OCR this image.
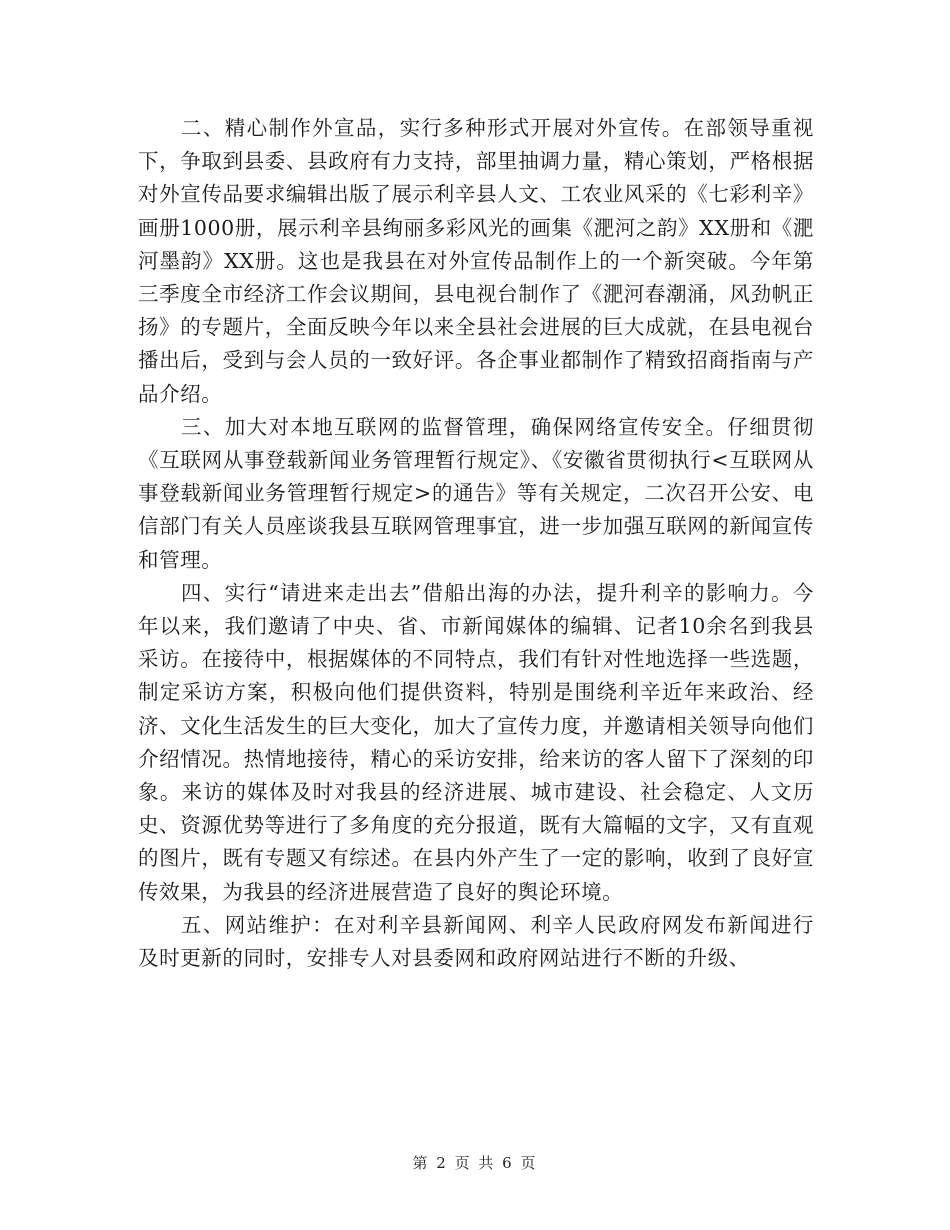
二、精心制作外宣品，实行多种形式开展对外宣传。在部领导重视下，争取到县委、县政府有力支持，部里抽调力量，精心策划，严格根据对外宣传品要求编辑出版了展示利辛县人文、工农业风采的《七彩利辛》画册1000册，展示利辛县绚丽多彩风光的画集《淝河之韵》XX册和《淝河墨韵》XX册。这也是我县在对外宣传品制作上的一个新突破。今年第三季度全市经济工作会议期间，县电视台制作了《淝河春潮涌，风劲帆正扬》的专题片，全面反映今年以来全县社会进展的巨大成就，在县电视台播出后，受到与会人员的一致好评。各企事业都制作了精致招商指南与产品介绍。

三、加大对本地互联网的监督管理，确保网络宣传安全。仔细贯彻《互联网从事登载新闻业务管理暂行规定》、《安徽省贯彻执行<互联网从事登载新闻业务管理暂行规定>的通告》等有关规定，二次召开公安、电信部门有关人员座谈我县互联网管理事宜，进一步加强互联网的新闻宣传和管理。

四、实行“请进来走出去”借船出海的办法，提升利辛的影响力。今年以来，我们邀请了中央、省、市新闻媒体的编辑、记者10余名到我县采访。在接待中，根据媒体的不同特点，我们有针对性地选择一些选题，制定采访方案，积极向他们提供资料，特别是围绕利辛近年来政治、经济、文化生活发生的巨大变化，加大了宣传力度，并邀请相关领导向他们介绍情况。热情地接待，精心的采访安排，给来访的客人留下了深刻的印象。来访的媒体及时对我县的经济进展、城市建设、社会稳定、人文历史、资源优势等进行了多角度的充分报道，既有大篇幅的文字，又有直观的图片，既有专题又有综述。在县内外产生了一定的影响，收到了良好宣传效果，为我县的经济进展营造了良好的舆论环境。

五、网站维护：在对利辛县新闻网、利辛人民政府网发布新闻进行及时更新的同时，安排专人对县委网和政府网站进行不断的升级、

第 2 页 共 6 页
